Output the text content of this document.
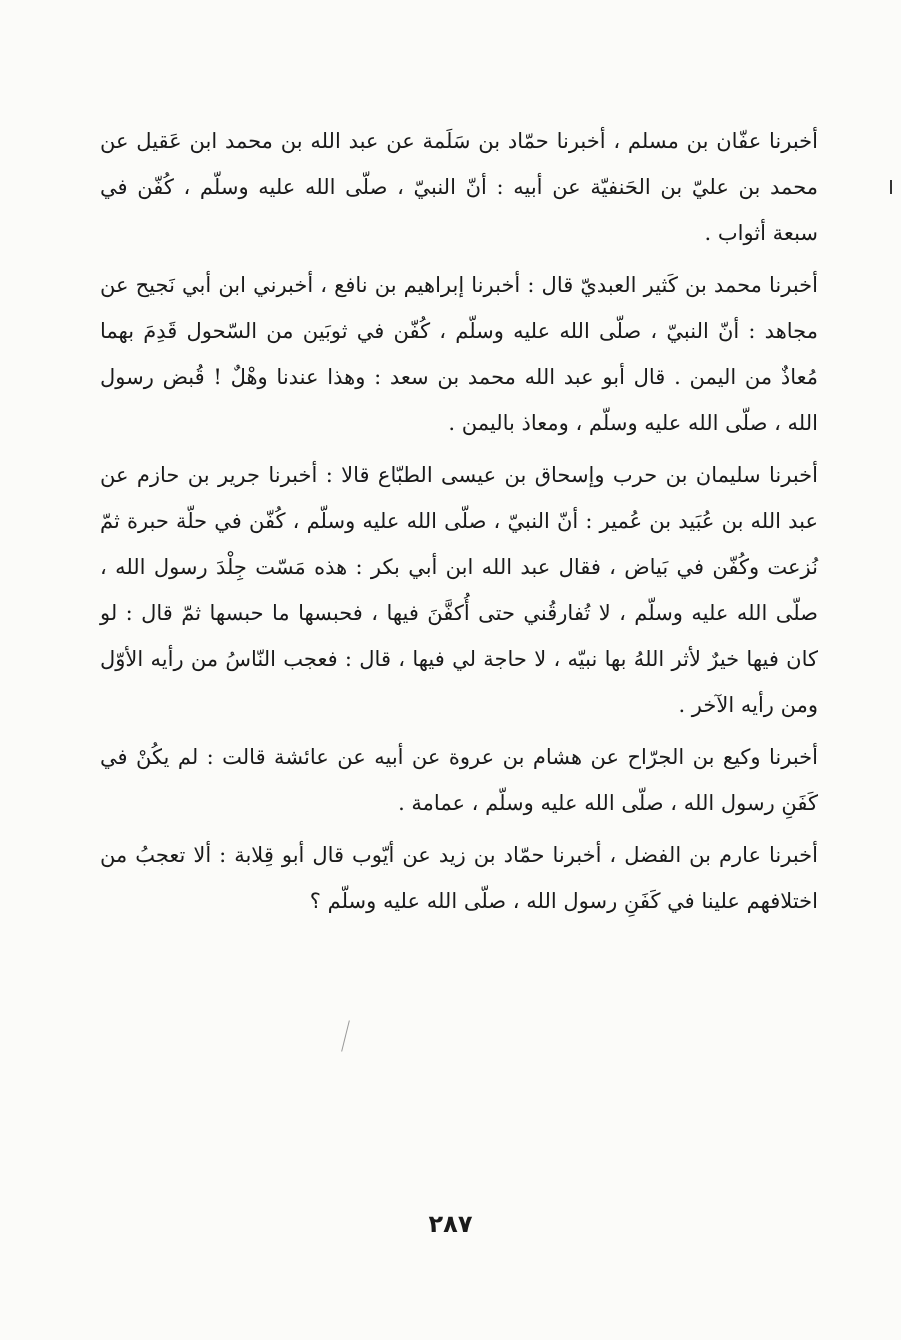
أخبرنا عفّان بن مسلم ، أخبرنا حمّاد بن سَلَمة عن عبد الله بن محمد ابن عَقيل عن محمد بن عليّ بن الحَنفيّة عن أبيه : أنّ النبيّ ، صلّى الله عليه وسلّم ، كُفّن في سبعة أثواب .

أخبرنا محمد بن كَثير العبديّ قال : أخبرنا إبراهيم بن نافع ، أخبرني ابن أبي نَجيح عن مجاهد : أنّ النبيّ ، صلّى الله عليه وسلّم ، كُفّن في ثوبَين من السّحول قَدِمَ بهما مُعاذٌ من اليمن . قال أبو عبد الله محمد بن سعد : وهذا عندنا وهْلٌ ! قُبض رسول الله ، صلّى الله عليه وسلّم ، ومعاذ باليمن .

أخبرنا سليمان بن حرب وإسحاق بن عيسى الطبّاع قالا : أخبرنا جرير بن حازم عن عبد الله بن عُبَيد بن عُمير : أنّ النبيّ ، صلّى الله عليه وسلّم ، كُفّن في حلّة حبرة ثمّ نُزعت وكُفّن في بَياض ، فقال عبد الله ابن أبي بكر : هذه مَسّت جِلْدَ رسول الله ، صلّى الله عليه وسلّم ، لا تُفارقُني حتى أُكفَّنَ فيها ، فحبسها ما حبسها ثمّ قال : لو كان فيها خيرٌ لأثر اللهُ بها نبيّه ، لا حاجة لي فيها ، قال : فعجب النّاسُ من رأيه الأوّل ومن رأيه الآخر .

أخبرنا وكيع بن الجرّاح عن هشام بن عروة عن أبيه عن عائشة قالت : لم يكُنْ في كَفَنِ رسول الله ، صلّى الله عليه وسلّم ، عمامة .

أخبرنا عارم بن الفضل ، أخبرنا حمّاد بن زيد عن أيّوب قال أبو قِلابة : ألا تعجبُ من اختلافهم علينا في كَفَنِ رسول الله ، صلّى الله عليه وسلّم ؟

٢٨٧
